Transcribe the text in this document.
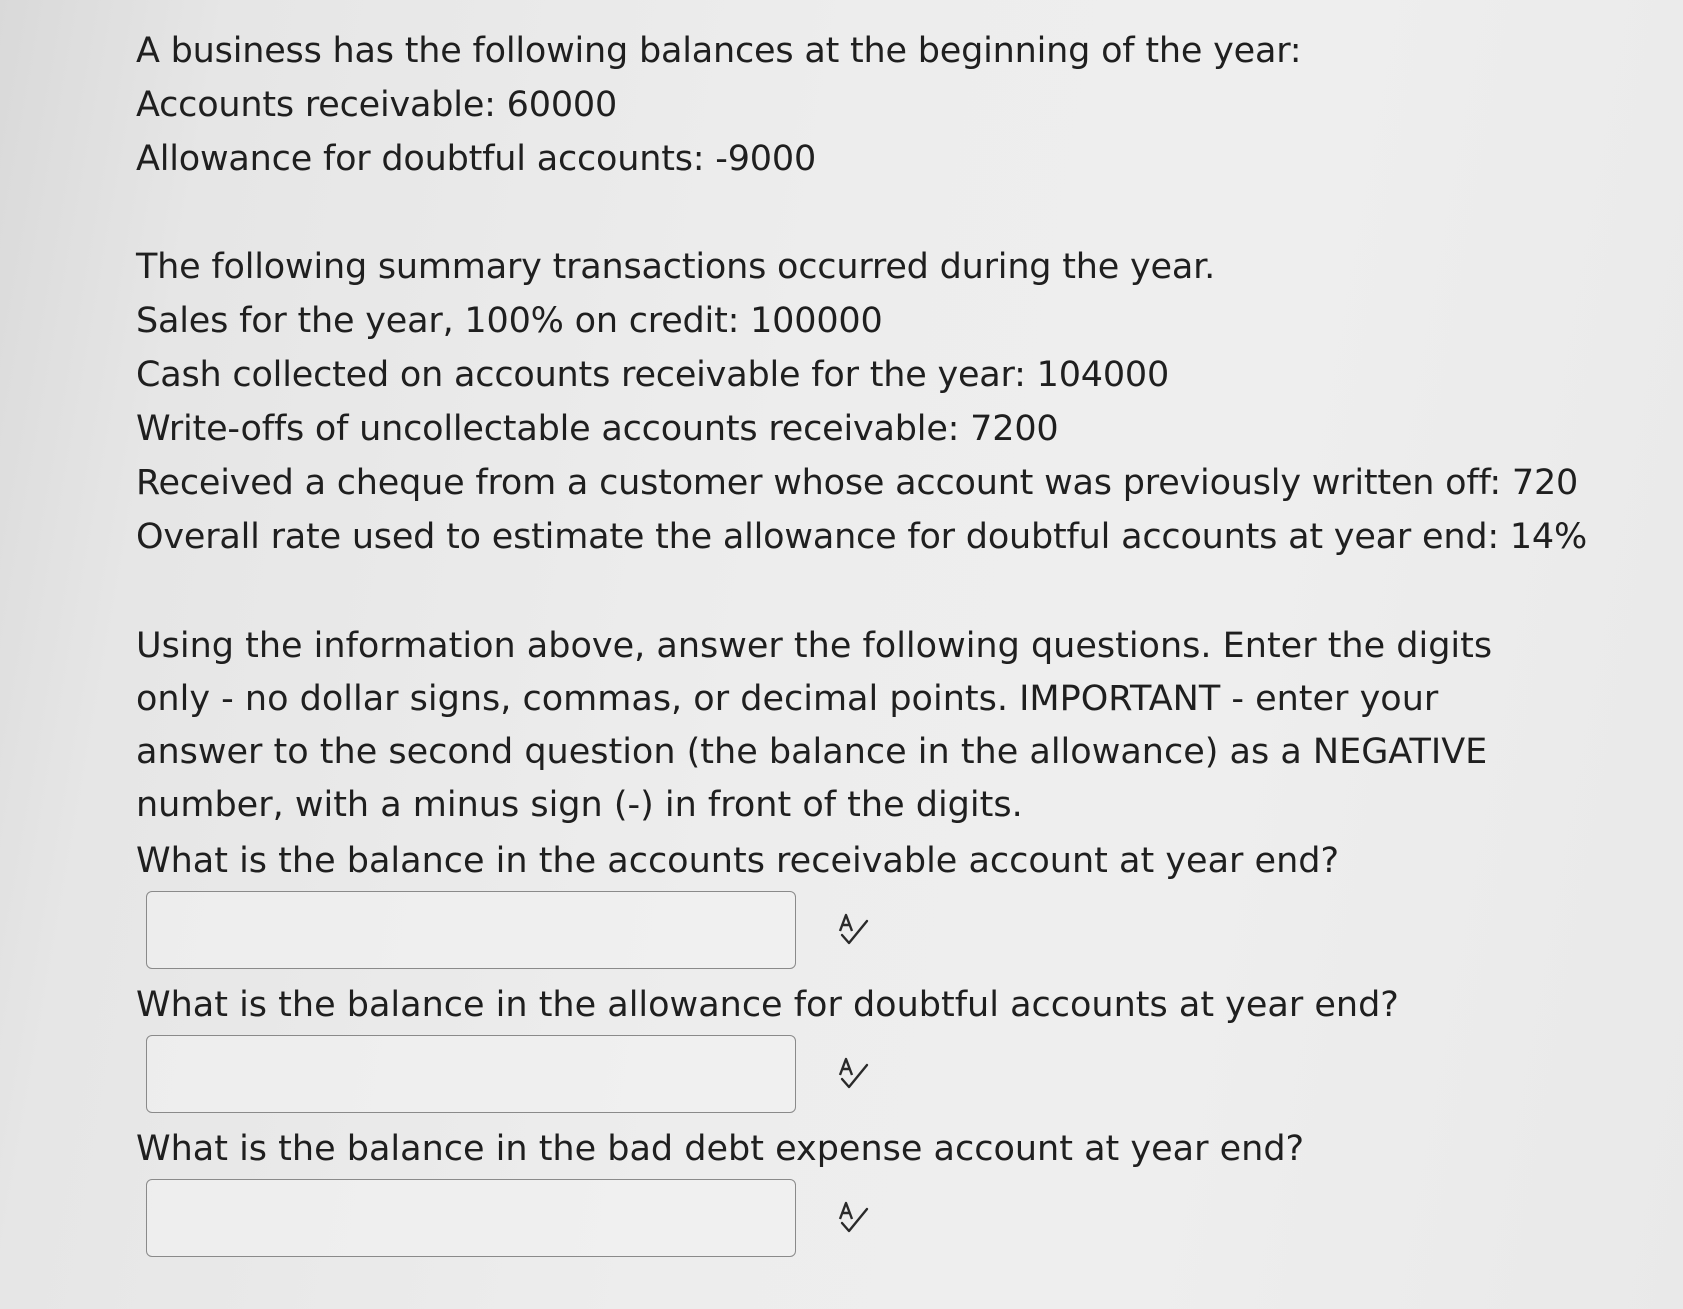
A business has the following balances at the beginning of the year:
Accounts receivable: 60000
Allowance for doubtful accounts: -9000
The following summary transactions occurred during the year.
Sales for the year, 100% on credit: 100000
Cash collected on accounts receivable for the year: 104000
Write-offs of uncollectable accounts receivable: 7200
Received a cheque from a customer whose account was previously written off: 720
Overall rate used to estimate the allowance for doubtful accounts at year end: 14%
Using the information above, answer the following questions. Enter the digits only - no dollar signs, commas, or decimal points. IMPORTANT - enter your answer to the second question (the balance in the allowance) as a NEGATIVE number, with a minus sign (-) in front of the digits.
What is the balance in the accounts receivable account at year end?
What is the balance in the allowance for doubtful accounts at year end?
What is the balance in the bad debt expense account at year end?
